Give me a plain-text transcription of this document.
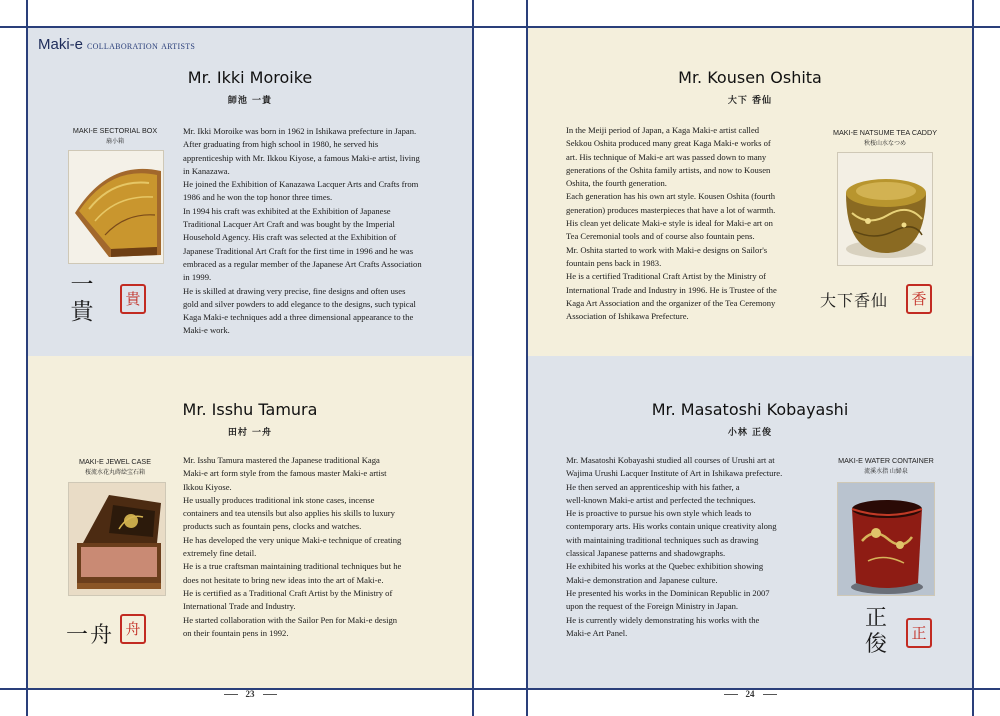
Maki-e collaboration artists
Mr. Ikki Moroike
師池 一貴
MAKI-E SECTORIAL BOX
扇小箱
一貴	貴
Mr. Ikki Moroike was born in 1962 in Ishikawa prefecture in Japan.
After graduating from high school in 1980, he served his
apprenticeship with Mr. Ikkou Kiyose, a famous Maki-e artist, living
in Kanazawa.
He joined the Exhibition of Kanazawa Lacquer Arts and Crafts from
1986 and he won the top honor three times.
In 1994 his craft was exhibited at the Exhibition of Japanese
Traditional Lacquer Art Craft and was bought by the Imperial
Household Agency. His craft was selected at the Exhibition of
Japanese Traditional Art Craft for the first time in 1996 and he was
embraced as a regular member of the Japanese Art Crafts Association
in 1999.
He is skilled at drawing very precise, fine designs and often uses
gold and silver powders to add elegance to the designs, such typical
Kaga Maki-e techniques add a three dimensional appearance to the
Maki-e work.
Mr. Isshu Tamura
田村 一舟
MAKI-E JEWEL CASE
桜流水花丸蒔絵宝石箱
一舟 舟
Mr. Isshu Tamura mastered the Japanese traditional Kaga
Maki-e art form style from the famous master Maki-e artist
Ikkou Kiyose.
He usually produces traditional ink stone cases, incense
containers and tea utensils but also applies his skills to luxury
products such as fountain pens, clocks and watches.
He has developed the very unique Maki-e technique of creating
extremely fine detail.
He is a true craftsman maintaining traditional techniques but he
does not hesitate to bring new ideas into the art of Maki-e.
He is certified as a Traditional Craft Artist by the Ministry of
International Trade and Industry.
He started collaboration with the Sailor Pen for Maki-e design
on their fountain pens in 1992.
Mr. Kousen Oshita
大下 香仙
In the Meiji period of Japan, a Kaga Maki-e artist called
Sekkou Oshita produced many great Kaga Maki-e works of
art. His technique of Maki-e art was passed down to many
generations of the Oshita family artists, and now to Kousen
Oshita, the fourth generation.
Each generation has his own art style. Kousen Oshita (fourth
generation) produces masterpieces that have a lot of warmth.
His clean yet delicate Maki-e style is ideal for Maki-e art on
Tea Ceremonial tools and of course also fountain pens.
Mr. Oshita started to work with Maki-e designs on Sailor's
fountain pens back in 1983.
He is a certified Traditional Craft Artist by the Ministry of
International Trade and Industry in 1996. He is Trustee of the
Kaga Art Association and the organizer of the Tea Ceremony
Association of Ishikawa Prefecture.
MAKI-E NATSUME TEA CADDY
秋桜山水なつめ
大下香仙	香
Mr. Masatoshi Kobayashi
小林 正俊
Mr. Masatoshi Kobayashi studied all courses of Urushi art at
Wajima Urushi Lacquer Institute of Art in Ishikawa prefecture.
He then served an apprenticeship with his father, a
well-known Maki-e artist and perfected the techniques.
He is proactive to pursue his own style which leads to
contemporary arts. His works contain unique creativity along
with maintaining traditional techniques such as drawing
classical Japanese patterns and shadowgraphs.
He exhibited his works at the Quebec exhibition showing
Maki-e demonstration and Japanese culture.
He presented his works in the Dominican Republic in 2007
upon the request of the Foreign Ministry in Japan.
He is currently widely demonstrating his works with the
Maki-e Art Panel.
MAKI-E WATER CONTAINER
流溪水指 山婦泉
正俊	正
23	24
